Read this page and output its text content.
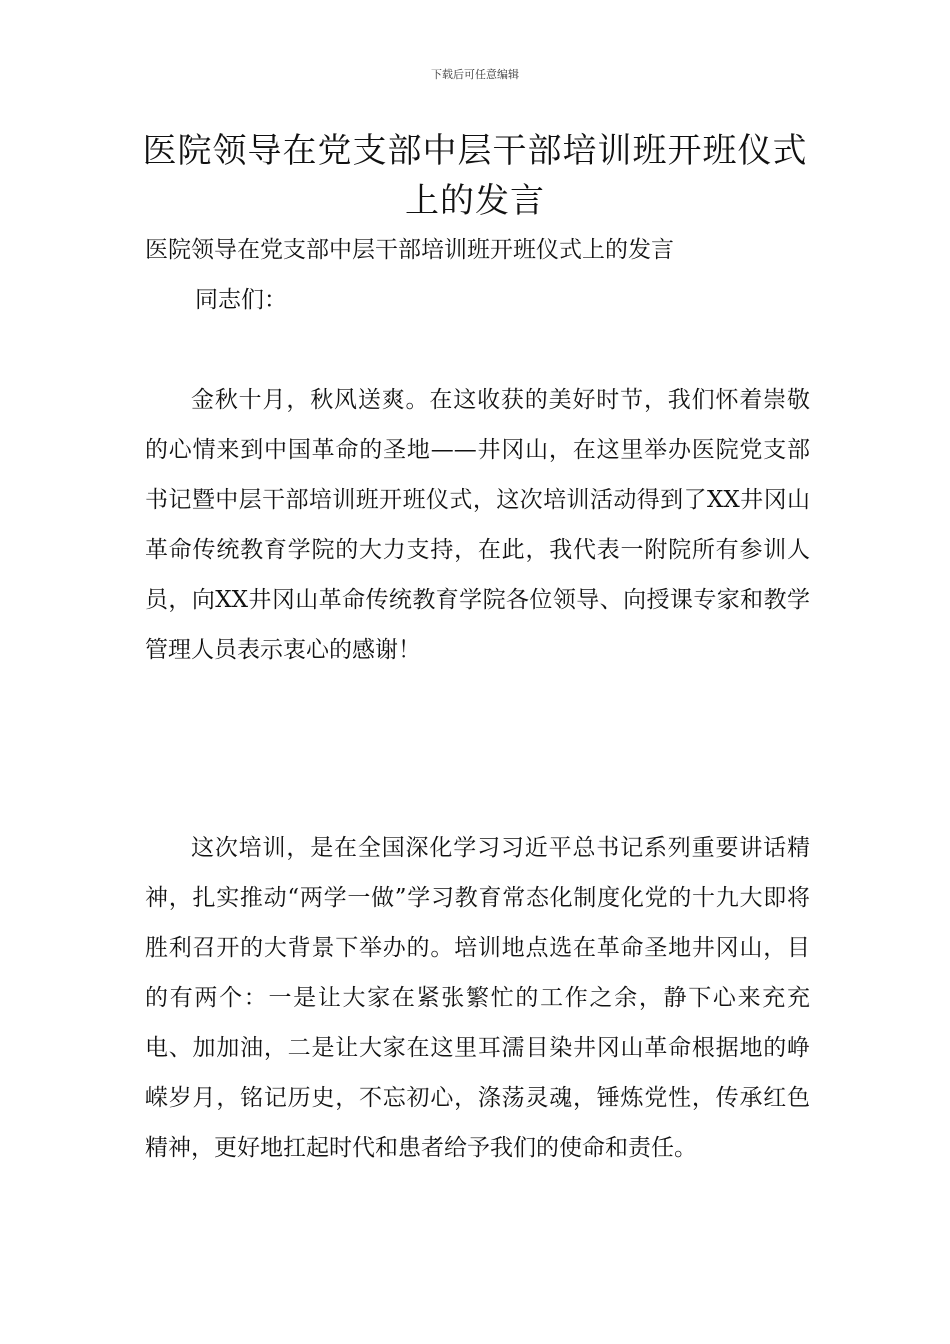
下载后可任意编辑
医院领导在党支部中层干部培训班开班仪式上的发言
医院领导在党支部中层干部培训班开班仪式上的发言
同志们：

金秋十月，秋风送爽。在这收获的美好时节，我们怀着崇敬的心情来到中国革命的圣地——井冈山，在这里举办医院党支部书记暨中层干部培训班开班仪式，这次培训活动得到了XX井冈山革命传统教育学院的大力支持，在此，我代表一附院所有参训人员，向XX井冈山革命传统教育学院各位领导、向授课专家和教学管理人员表示衷心的感谢！

这次培训，是在全国深化学习习近平总书记系列重要讲话精神，扎实推动“两学一做”学习教育常态化制度化党的十九大即将胜利召开的大背景下举办的。培训地点选在革命圣地井冈山，目的有两个：一是让大家在紧张繁忙的工作之余，静下心来充充电、加加油，二是让大家在这里耳濡目染井冈山革命根据地的峥嵘岁月，铭记历史，不忘初心，涤荡灵魂，锤炼党性，传承红色精神，更好地扛起时代和患者给予我们的使命和责任。
